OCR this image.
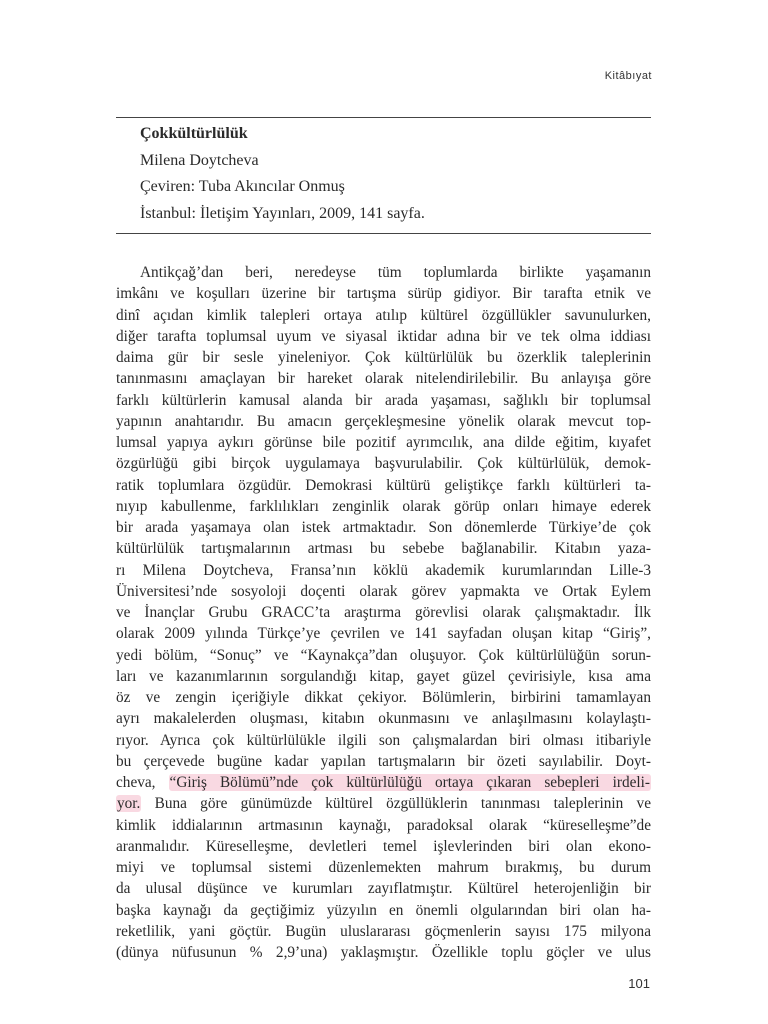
Kitâbıyat
Çokkültürlülük
Milena Doytcheva
Çeviren: Tuba Akıncılar Onmuş
İstanbul: İletişim Yayınları, 2009, 141 sayfa.
Antikçağ’dan beri, neredeyse tüm toplumlarda birlikte yaşamanın
imkânı ve koşulları üzerine bir tartışma sürüp gidiyor. Bir tarafta etnik ve
dinî açıdan kimlik talepleri ortaya atılıp kültürel özgüllükler savunulurken,
diğer tarafta toplumsal uyum ve siyasal iktidar adına bir ve tek olma iddiası
daima gür bir sesle yineleniyor. Çok kültürlülük bu özerklik taleplerinin
tanınmasını amaçlayan bir hareket olarak nitelendirilebilir. Bu anlayışa göre
farklı kültürlerin kamusal alanda bir arada yaşaması, sağlıklı bir toplumsal
yapının anahtarıdır. Bu amacın gerçekleşmesine yönelik olarak mevcut top-
lumsal yapıya aykırı görünse bile pozitif ayrımcılık, ana dilde eğitim, kıyafet
özgürlüğü gibi birçok uygulamaya başvurulabilir. Çok kültürlülük, demok-
ratik toplumlara özgüdür. Demokrasi kültürü geliştikçe farklı kültürleri ta-
nıyıp kabullenme, farklılıkları zenginlik olarak görüp onları himaye ederek
bir arada yaşamaya olan istek artmaktadır. Son dönemlerde Türkiye’de çok
kültürlülük tartışmalarının artması bu sebebe bağlanabilir. Kitabın yaza-
rı Milena Doytcheva, Fransa’nın köklü akademik kurumlarından Lille-3
Üniversitesi’nde sosyoloji doçenti olarak görev yapmakta ve Ortak Eylem
ve İnançlar Grubu GRACC’ta araştırma görevlisi olarak çalışmaktadır. İlk
olarak 2009 yılında Türkçe’ye çevrilen ve 141 sayfadan oluşan kitap “Giriş”,
yedi bölüm, “Sonuç” ve “Kaynakça”dan oluşuyor. Çok kültürlülüğün sorun-
ları ve kazanımlarının sorgulandığı kitap, gayet güzel çevirisiyle, kısa ama
öz ve zengin içeriğiyle dikkat çekiyor. Bölümlerin, birbirini tamamlayan
ayrı makalelerden oluşması, kitabın okunmasını ve anlaşılmasını kolaylaştı-
rıyor. Ayrıca çok kültürlülükle ilgili son çalışmalardan biri olması itibariyle
bu çerçevede bugüne kadar yapılan tartışmaların bir özeti sayılabilir. Doyt-
cheva, “Giriş Bölümü”nde çok kültürlülüğü ortaya çıkaran sebepleri irdeli-
yor. Buna göre günümüzde kültürel özgüllüklerin tanınması taleplerinin ve
kimlik iddialarının artmasının kaynağı, paradoksal olarak “küreselleşme”de
aranmalıdır. Küreselleşme, devletleri temel işlevlerinden biri olan ekono-
miyi ve toplumsal sistemi düzenlemekten mahrum bırakmış, bu durum
da ulusal düşünce ve kurumları zayıflatmıştır. Kültürel heterojenliğin bir
başka kaynağı da geçtiğimiz yüzyılın en önemli olgularından biri olan ha-
reketlilik, yani göçtür. Bugün uluslararası göçmenlerin sayısı 175 milyona
(dünya nüfusunun % 2,9’una) yaklaşmıştır. Özellikle toplu göçler ve ulus
101
